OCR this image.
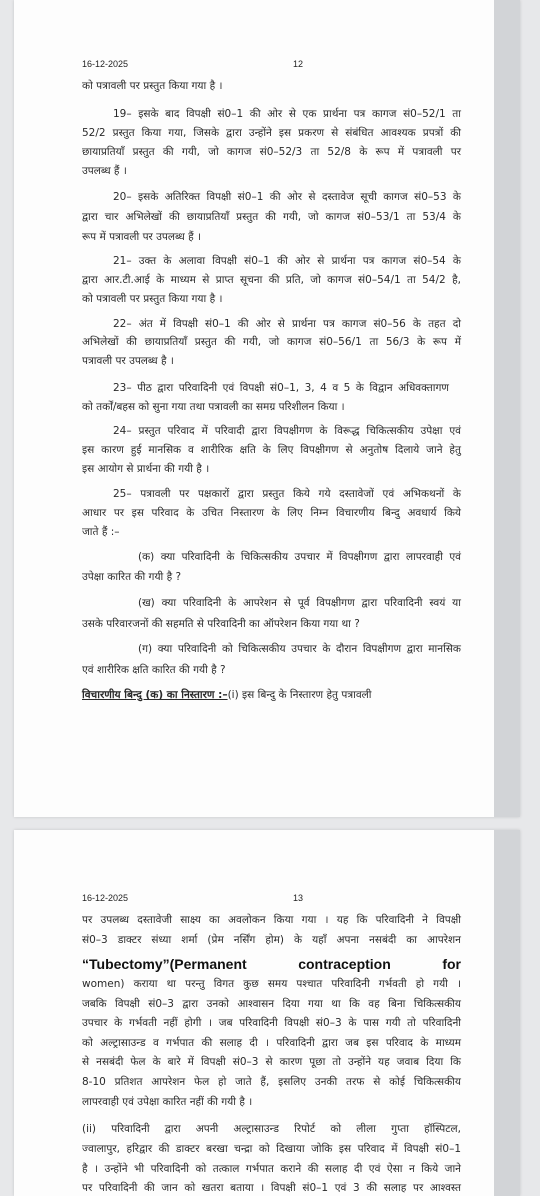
16-12-2025	12
को पत्रावली पर प्रस्तुत किया गया है ।
19– इसके बाद विपक्षी सं0–1 की ओर से एक प्रार्थना पत्र कागज सं0–52/1 ता
52/2 प्रस्तुत किया गया, जिसके द्वारा उन्होंने इस प्रकरण से संबंधित आवश्यक प्रपत्रों की
छायाप्रतियाँ प्रस्तुत की गयी, जो कागज सं0–52/3 ता 52/8 के रूप में पत्रावली पर
उपलब्ध हैं ।
20– इसके अतिरिक्त विपक्षी सं0–1 की ओर से दस्तावेज सूची कागज सं0–53 के
द्वारा चार अभिलेखों की छायाप्रतियाँ प्रस्तुत की गयी, जो कागज सं0–53/1 ता 53/4 के
रूप में पत्रावली पर उपलब्ध हैं ।
21– उक्त के अलावा विपक्षी सं0–1 की ओर से प्रार्थना पत्र कागज सं0–54 के
द्वारा आर.टी.आई के माध्यम से प्राप्त सूचना की प्रति, जो कागज सं0–54/1 ता 54/2 है,
को पत्रावली पर प्रस्तुत किया गया है ।
22– अंत में विपक्षी सं0–1 की ओर से प्रार्थना पत्र कागज सं0–56 के तहत दो
अभिलेखों की छायाप्रतियाँ प्रस्तुत की गयी, जो कागज सं0–56/1 ता 56/3 के रूप में
पत्रावली पर उपलब्ध है ।
23– पीठ द्वारा परिवादिनी एवं विपक्षी सं0–1, 3, 4 व 5 के विद्वान अधिवक्तागण
को तर्कों/बहस को सुना गया तथा पत्रावली का समग्र परिशीलन किया ।
24– प्रस्तुत परिवाद में परिवादी द्वारा विपक्षीगण के विरूद्ध चिकित्सकीय उपेक्षा एवं
इस कारण हुई मानसिक व शारीरिक क्षति के लिए विपक्षीगण से अनुतोष दिलाये जाने हेतु
इस आयोग से प्रार्थना की गयी है ।
25– पत्रावली पर पक्षकारों द्वारा प्रस्तुत किये गये दस्तावेजों एवं अभिकथनों के
आधार पर इस परिवाद के उचित निस्तारण के लिए निम्न विचारणीय बिन्दु अवधार्य किये
जाते हैं :–
(क) क्या परिवादिनी के चिकित्सकीय उपचार में विपक्षीगण द्वारा लापरवाही एवं
उपेक्षा कारित की गयी है ?
(ख) क्या परिवादिनी के आपरेशन से पूर्व विपक्षीगण द्वारा परिवादिनी स्वयं या
उसके परिवारजनों की सहमति से परिवादिनी का ऑपरेशन किया गया था ?
(ग) क्या परिवादिनी को चिकित्सकीय उपचार के दौरान विपक्षीगण द्वारा मानसिक
एवं शारीरिक क्षति कारित की गयी है ?
विचारणीय बिन्दु (क) का निस्तारण :–(i) इस बिन्दु के निस्तारण हेतु पत्रावली
16-12-2025	13
पर उपलब्ध दस्तावेजी साक्ष्य का अवलोकन किया गया । यह कि परिवादिनी ने विपक्षी
सं0–3 डाक्टर संध्या शर्मा (प्रेम नर्सिंग होम) के यहाँ अपना नसबंदी का आपरेशन
“Tubectomy”(Permanent contraception for
women) कराया था परन्तु विगत कुछ समय पश्चात परिवादिनी गर्भवती हो गयी ।
जबकि विपक्षी सं0–3 द्वारा उनको आश्वासन दिया गया था कि वह बिना चिकित्सकीय
उपचार के गर्भवती नहीं होगी । जब परिवादिनी विपक्षी सं0–3 के पास गयी तो परिवादिनी
को अल्ट्रासाउन्ड व गर्भपात की सलाह दी । परिवादिनी द्वारा जब इस परिवाद के माध्यम
से नसबंदी फेल के बारे में विपक्षी सं0–3 से कारण पूछा तो उन्होंने यह जवाब दिया कि
8-10 प्रतिशत आपरेशन फेल हो जाते हैं, इसलिए उनकी तरफ से कोई चिकित्सकीय
लापरवाही एवं उपेक्षा कारित नहीं की गयी है ।
(ii) परिवादिनी द्वारा अपनी अल्ट्रासाउन्ड रिपोर्ट को लीला गुप्ता हॉस्पिटल,
ज्वालापुर, हरिद्वार की डाक्टर बरखा चन्द्रा को दिखाया जोकि इस परिवाद में विपक्षी सं0–1
है । उन्होंने भी परिवादिनी को तत्काल गर्भपात कराने की सलाह दी एवं ऐसा न किये जाने
पर परिवादिनी की जान को खतरा बताया । विपक्षी सं0–1 एवं 3 की सलाह पर आश्वस्त
